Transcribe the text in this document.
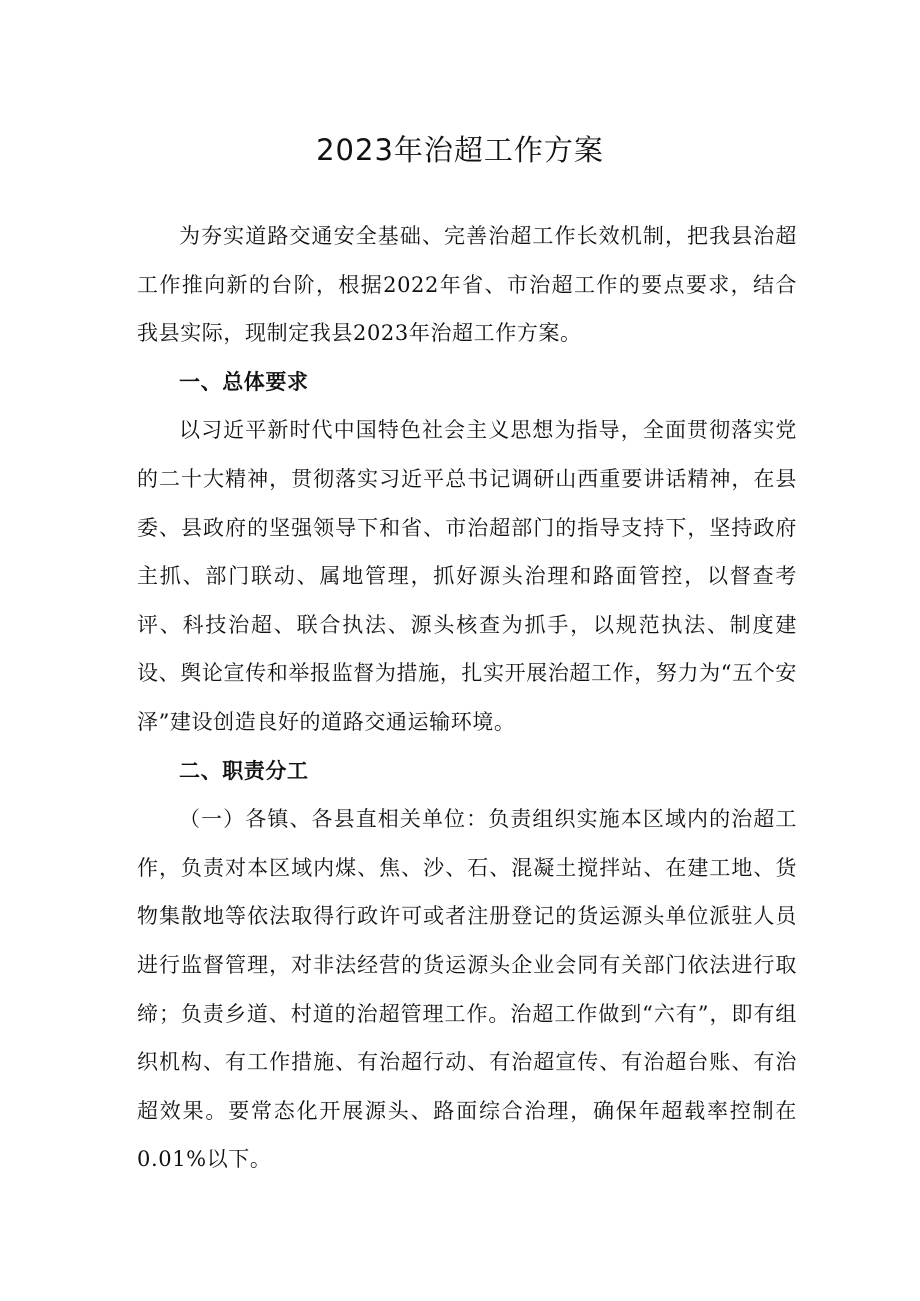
2023年治超工作方案

为夯实道路交通安全基础、完善治超工作长效机制，把我县治超工作推向新的台阶，根据2022年省、市治超工作的要点要求，结合我县实际，现制定我县2023年治超工作方案。

一、总体要求

以习近平新时代中国特色社会主义思想为指导，全面贯彻落实党的二十大精神，贯彻落实习近平总书记调研山西重要讲话精神，在县委、县政府的坚强领导下和省、市治超部门的指导支持下，坚持政府主抓、部门联动、属地管理，抓好源头治理和路面管控，以督查考评、科技治超、联合执法、源头核查为抓手，以规范执法、制度建设、舆论宣传和举报监督为措施，扎实开展治超工作，努力为“五个安泽”建设创造良好的道路交通运输环境。

二、职责分工

（一）各镇、各县直相关单位：负责组织实施本区域内的治超工作，负责对本区域内煤、焦、沙、石、混凝土搅拌站、在建工地、货物集散地等依法取得行政许可或者注册登记的货运源头单位派驻人员进行监督管理，对非法经营的货运源头企业会同有关部门依法进行取缔；负责乡道、村道的治超管理工作。治超工作做到“六有”，即有组织机构、有工作措施、有治超行动、有治超宣传、有治超台账、有治超效果。要常态化开展源头、路面综合治理，确保年超载率控制在0.01%以下。
